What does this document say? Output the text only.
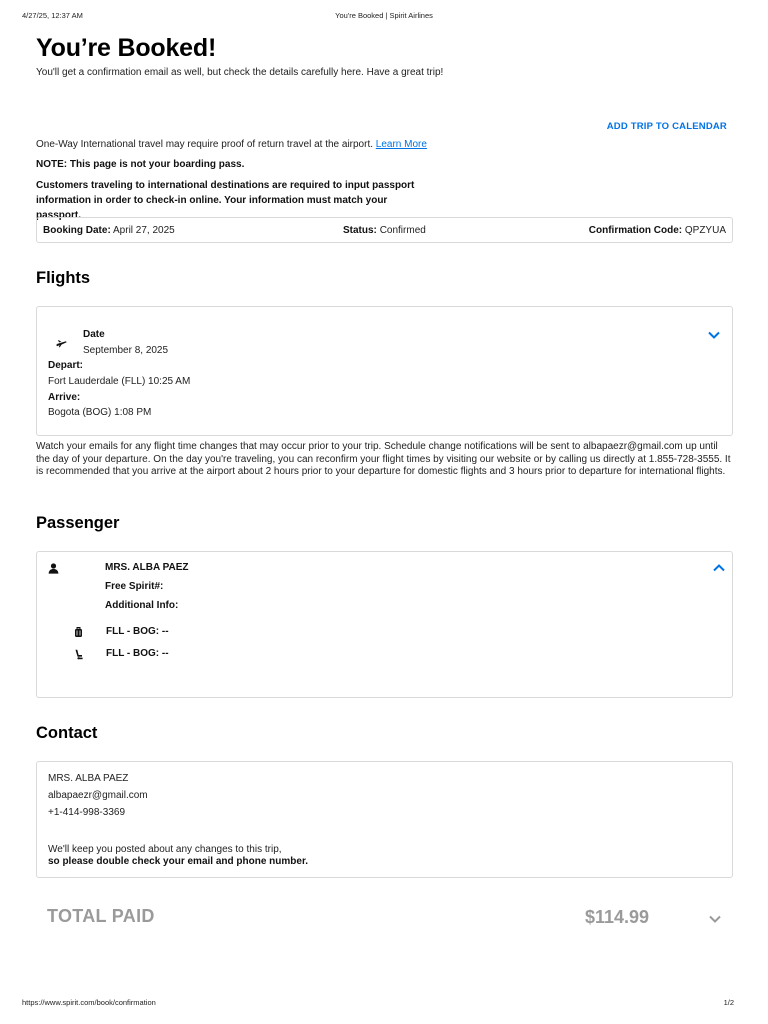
4/27/25, 12:37 AM	You're Booked | Spirit Airlines
You’re Booked!

You'll get a confirmation email as well, but check the details carefully here. Have a great trip!

ADD TRIP TO CALENDAR
One-Way International travel may require proof of return travel at the airport. Learn More
NOTE: This page is not your boarding pass.
Customers traveling to international destinations are required to input passport information in order to check-in online. Your information must match your passport.
Booking Date: April 27, 2025	Status: Confirmed	Confirmation Code: QPZYUA
Flights
Date
September 8, 2025
Depart:
Fort Lauderdale (FLL) 10:25 AM
Arrive:
Bogota (BOG) 1:08 PM

Watch your emails for any flight time changes that may occur prior to your trip. Schedule change notifications will be sent to albapaezr@gmail.com up until the day of your departure. On the day you're traveling, you can reconfirm your flight times by visiting our website or by calling us directly at 1.855-728-3555. It is recommended that you arrive at the airport about 2 hours prior to your departure for domestic flights and 3 hours prior to departure for international flights.

Passenger
MRS. ALBA PAEZ
Free Spirit#:
Additional Info:
FLL - BOG: --
FLL - BOG: --
Contact
MRS. ALBA PAEZ
albapaezr@gmail.com
+1-414-998-3369
We'll keep you posted about any changes to this trip,
so please double check your email and phone number.
TOTAL PAID	$114.99
https://www.spirit.com/book/confirmation	1/2
